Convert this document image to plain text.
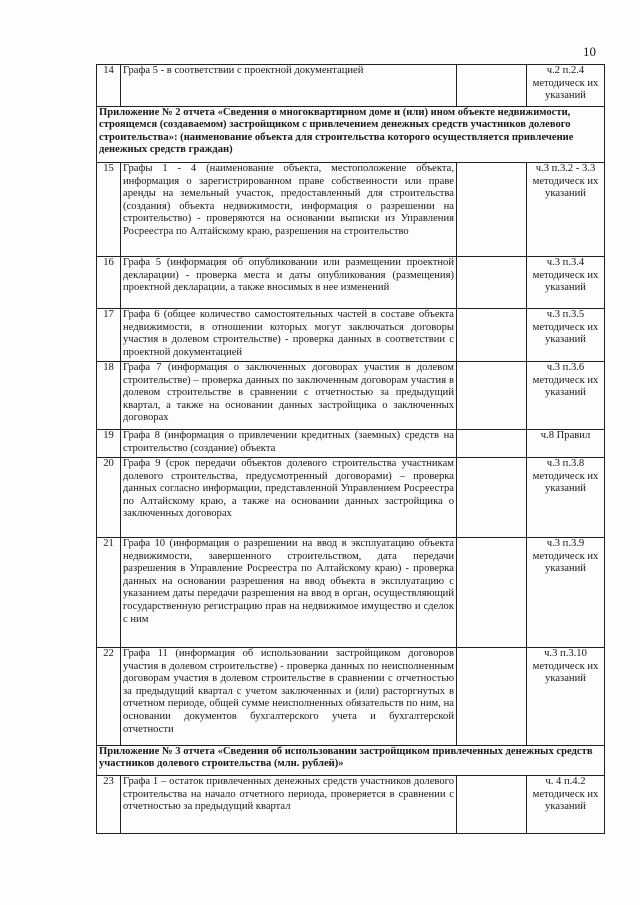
10
14	Графа 5 - в соответствии с проектной документацией		ч.2 п.2.4 методическ их указаний
Приложение № 2 отчета «Сведения о многоквартирном доме и (или) ином объекте недвижимости, строящемся (создаваемом) застройщиком с привлечением денежных средств участников долевого строительства»: (наименование объекта для строительства которого осуществляется привлечение денежных средств граждан)			
15	Графы 1 - 4 (наименование объекта, местоположение объекта, информация о зарегистрированном праве собственности или праве аренды на земельный участок, предоставленный для строительства (создания) объекта недвижимости, информация о разрешении на строительство) - проверяются на основании выписки из Управления Росреестра по Алтайскому краю, разрешения на строительство		ч.3 п.3.2 - 3.3 методическ их указаний
16	Графа 5 (информация об опубликовании или размещении проектной декларации) - проверка места и даты опубликования (размещения) проектной декларации, а также вносимых в нее изменений		ч.3 п.3.4 методическ их указаний
17	Графа 6 (общее количество самостоятельных частей в составе объекта недвижимости, в отношении которых могут заключаться договоры участия в долевом строительстве) - проверка данных в соответствии с проектной документацией		ч.3 п.3.5 методическ их указаний
18	Графа 7 (информация о заключенных договорах участия в долевом строительстве) – проверка данных по заключенным договорам участия в долевом строительстве в сравнении с отчетностью за предыдущий квартал, а также на основании данных застройщика о заключенных договорах		ч.3 п.3.6 методическ их указаний
19	Графа 8 (информация о привлечении кредитных (заемных) средств на строительство (создание) объекта		ч.8 Правил
20	Графа 9 (срок передачи объектов долевого строительства участникам долевого строительства, предусмотренный договорами) – проверка данных согласно информации, представленной Управлением Росреестра по Алтайскому краю, а также на основании данных застройщика о заключенных договорах		ч.3 п.3.8 методическ их указаний
21	Графа 10 (информация о разрешении на ввод в эксплуатацию объекта недвижимости, завершенного строительством, дата передачи разрешения в Управление Росреестра по Алтайскому краю) - проверка данных на основании разрешения на ввод объекта в эксплуатацию с указанием даты передачи разрешения на ввод в орган, осуществляющий государственную регистрацию прав на недвижимое имущество и сделок с ним		ч.3 п.3.9 методическ их указаний
22	Графа 11 (информация об использовании застройщиком договоров участия в долевом строительстве) - проверка данных по неисполненным договорам участия в долевом строительстве в сравнении с отчетностью за предыдущий квартал с учетом заключенных и (или) расторгнутых в отчетном периоде, общей сумме неисполненных обязательств по ним, на основании документов бухгалтерского учета и бухгалтерской отчетности		ч.3 п.3.10 методическ их указаний
Приложение № 3 отчета «Сведения об использовании застройщиком привлеченных денежных средств участников долевого строительства (млн. рублей)»			
23	Графа 1 – остаток привлеченных денежных средств участников долевого строительства на начало отчетного периода, проверяется в сравнении с отчетностью за предыдущий квартал		ч. 4 п.4.2 методическ их указаний
